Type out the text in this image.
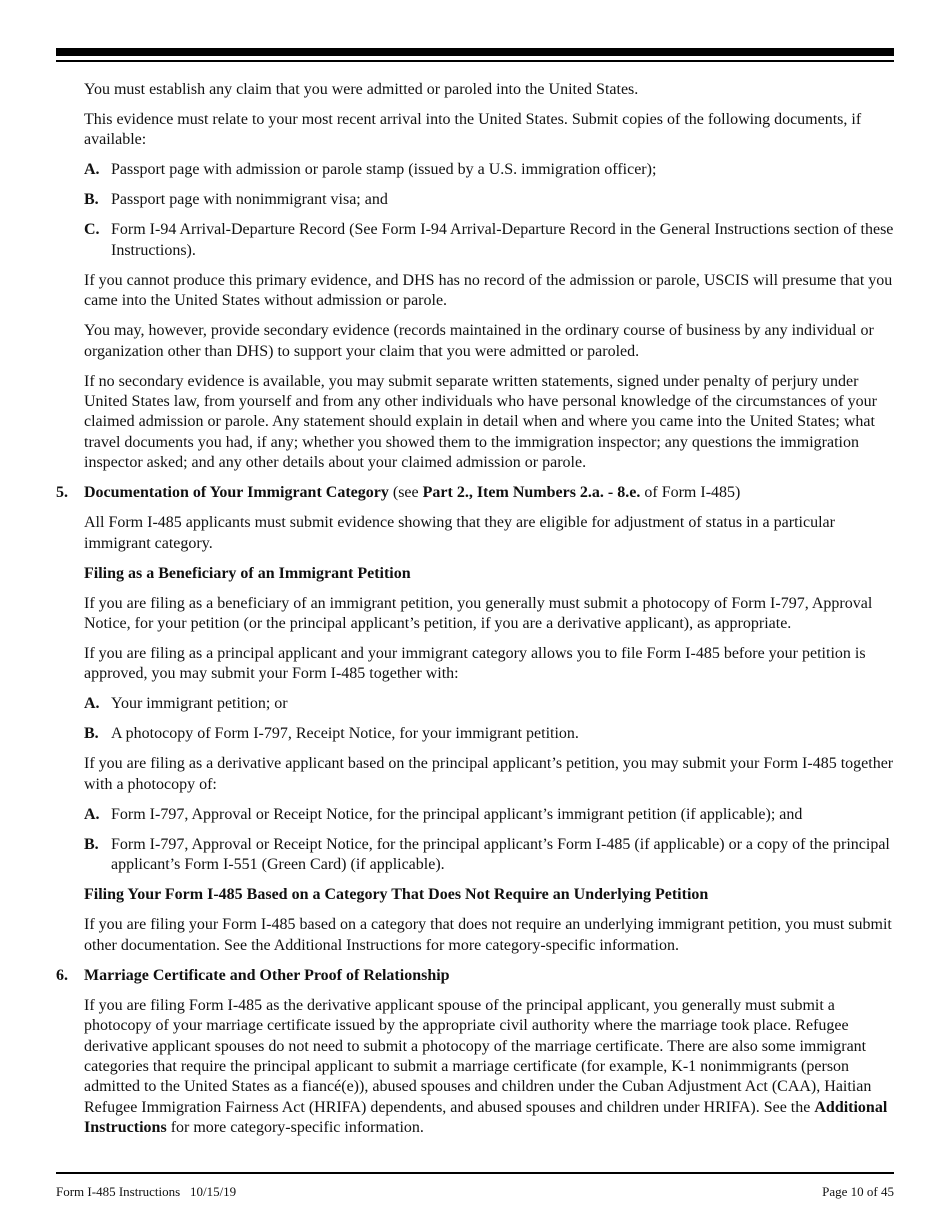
You must establish any claim that you were admitted or paroled into the United States.

This evidence must relate to your most recent arrival into the United States. Submit copies of the following documents, if available:

A. Passport page with admission or parole stamp (issued by a U.S. immigration officer);
B. Passport page with nonimmigrant visa; and
C. Form I-94 Arrival-Departure Record (See Form I-94 Arrival-Departure Record in the General Instructions section of these Instructions).

If you cannot produce this primary evidence, and DHS has no record of the admission or parole, USCIS will presume that you came into the United States without admission or parole.

You may, however, provide secondary evidence (records maintained in the ordinary course of business by any individual or organization other than DHS) to support your claim that you were admitted or paroled.

If no secondary evidence is available, you may submit separate written statements, signed under penalty of perjury under United States law, from yourself and from any other individuals who have personal knowledge of the circumstances of your claimed admission or parole. Any statement should explain in detail when and where you came into the United States; what travel documents you had, if any; whether you showed them to the immigration inspector; any questions the immigration inspector asked; and any other details about your claimed admission or parole.

5. Documentation of Your Immigrant Category (see Part 2., Item Numbers 2.a. - 8.e. of Form I-485)

All Form I-485 applicants must submit evidence showing that they are eligible for adjustment of status in a particular immigrant category.

Filing as a Beneficiary of an Immigrant Petition

If you are filing as a beneficiary of an immigrant petition, you generally must submit a photocopy of Form I-797, Approval Notice, for your petition (or the principal applicant’s petition, if you are a derivative applicant), as appropriate.

If you are filing as a principal applicant and your immigrant category allows you to file Form I-485 before your petition is approved, you may submit your Form I-485 together with:

A. Your immigrant petition; or
B. A photocopy of Form I-797, Receipt Notice, for your immigrant petition.

If you are filing as a derivative applicant based on the principal applicant’s petition, you may submit your Form I-485 together with a photocopy of:

A. Form I-797, Approval or Receipt Notice, for the principal applicant’s immigrant petition (if applicable); and
B. Form I-797, Approval or Receipt Notice, for the principal applicant’s Form I-485 (if applicable) or a copy of the principal applicant’s Form I-551 (Green Card) (if applicable).

Filing Your Form I-485 Based on a Category That Does Not Require an Underlying Petition

If you are filing your Form I-485 based on a category that does not require an underlying immigrant petition, you must submit other documentation. See the Additional Instructions for more category-specific information.

6. Marriage Certificate and Other Proof of Relationship

If you are filing Form I-485 as the derivative applicant spouse of the principal applicant, you generally must submit a photocopy of your marriage certificate issued by the appropriate civil authority where the marriage took place. Refugee derivative applicant spouses do not need to submit a photocopy of the marriage certificate. There are also some immigrant categories that require the principal applicant to submit a marriage certificate (for example, K-1 nonimmigrants (person admitted to the United States as a fiancé(e)), abused spouses and children under the Cuban Adjustment Act (CAA), Haitian Refugee Immigration Fairness Act (HRIFA) dependents, and abused spouses and children under HRIFA). See the Additional Instructions for more category-specific information.

Form I-485 Instructions   10/15/19	Page 10 of 45
